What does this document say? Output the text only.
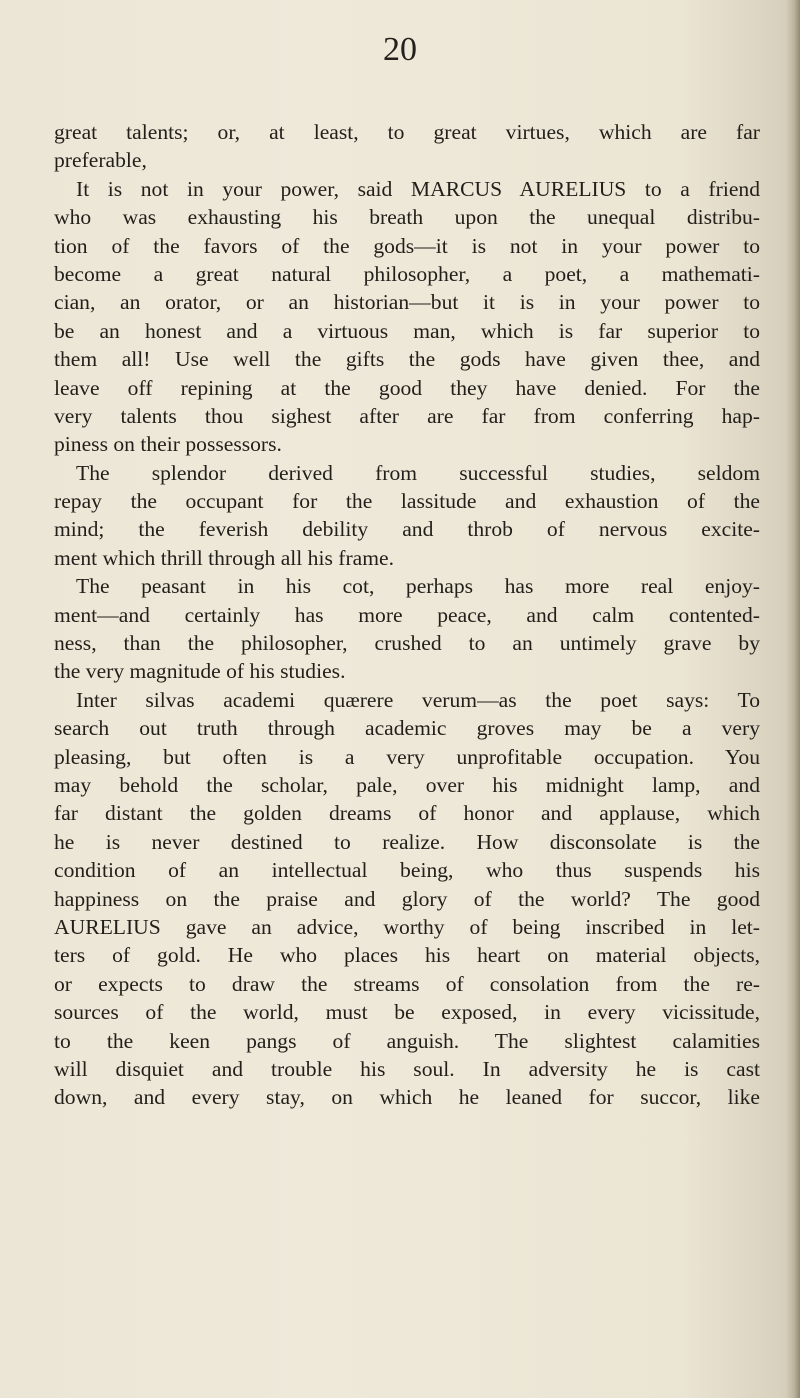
20
great talents; or, at least, to great virtues, which are far
preferable,
It is not in your power, said MARCUS AURELIUS to a friend
who was exhausting his breath upon the unequal distribu-
tion of the favors of the gods—it is not in your power to
become a great natural philosopher, a poet, a mathemati-
cian, an orator, or an historian—but it is in your power to
be an honest and a virtuous man, which is far superior to
them all! Use well the gifts the gods have given thee, and
leave off repining at the good they have denied. For the
very talents thou sighest after are far from conferring hap-
piness on their possessors.
The splendor derived from successful studies, seldom
repay the occupant for the lassitude and exhaustion of the
mind; the feverish debility and throb of nervous excite-
ment which thrill through all his frame.
The peasant in his cot, perhaps has more real enjoy-
ment—and certainly has more peace, and calm contented-
ness, than the philosopher, crushed to an untimely grave by
the very magnitude of his studies.
Inter silvas academi quærere verum—as the poet says: To
search out truth through academic groves may be a very
pleasing, but often is a very unprofitable occupation. You
may behold the scholar, pale, over his midnight lamp, and
far distant the golden dreams of honor and applause, which
he is never destined to realize. How disconsolate is the
condition of an intellectual being, who thus suspends his
happiness on the praise and glory of the world? The good
AURELIUS gave an advice, worthy of being inscribed in let-
ters of gold. He who places his heart on material objects,
or expects to draw the streams of consolation from the re-
sources of the world, must be exposed, in every vicissitude,
to the keen pangs of anguish. The slightest calamities
will disquiet and trouble his soul. In adversity he is cast
down, and every stay, on which he leaned for succor, like
